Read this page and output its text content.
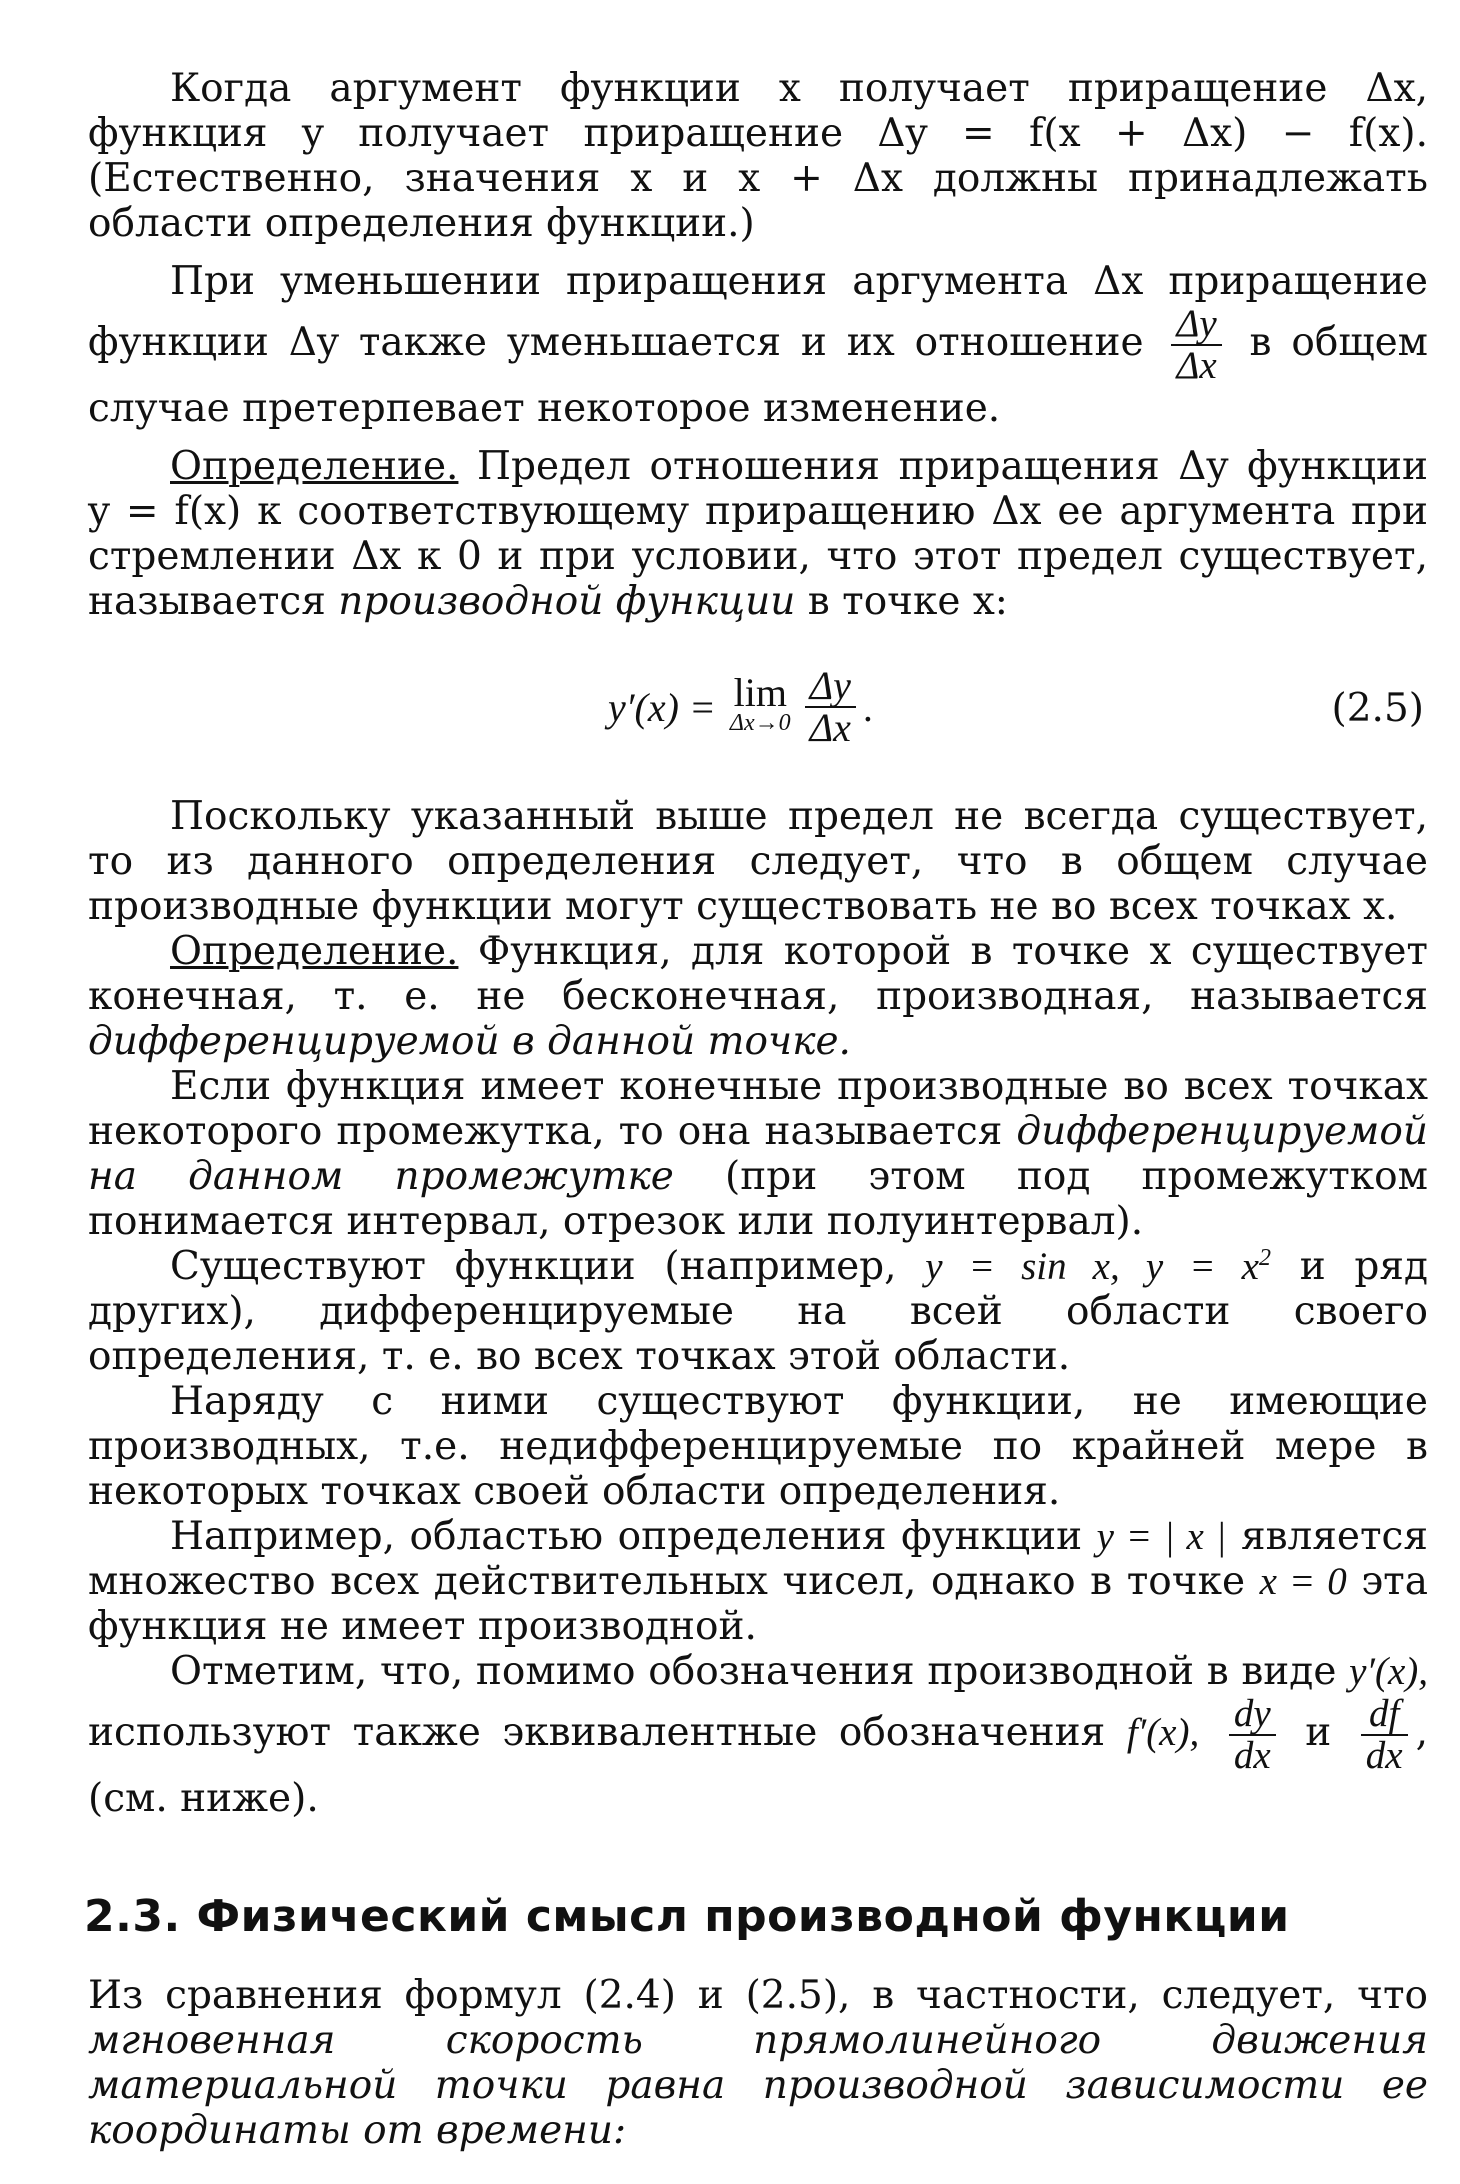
Когда аргумент функции x получает приращение Δx, функция y получает приращение Δy = f(x + Δx) − f(x). (Естественно, значения x и x + Δx должны принадлежать области определения функции.)

При уменьшении приращения аргумента Δx приращение функции Δy также уменьшается и их отношение $\frac{\Delta y}{\Delta x}$ в общем случае претерпевает некоторое изменение.

Определение. Предел отношения приращения Δy функции y = f(x) к соответствующему приращению Δx ее аргумента при стремлении Δx к 0 и при условии, что этот предел существует, называется производной функции в точке x:

y′(x) = lim
$\Delta x\to 0 \frac{\Delta y}{\Delta x}$ .	(2.5)

Поскольку указанный выше предел не всегда существует, то из данного определения следует, что в общем случае производные функции могут существовать не во всех точках x.

Определение. Функция, для которой в точке x существует конечная, т. е. не бесконечная, производная, называется дифференцируемой в данной точке.

Если функция имеет конечные производные во всех точках некоторого промежутка, то она называется дифференцируемой на данном промежутке (при этом под промежутком понимается интервал, отрезок или полуинтервал).

Существуют функции (например, y = sin x, $y = x^2$ и ряд других), дифференцируемые на всей области своего определения, т. е. во всех точках этой области.

Наряду с ними существуют функции, не имеющие производных, т.е. недифференцируемые по крайней мере в некоторых точках своей области определения.

Например, областью определения функции y = | x | является множество всех действительных чисел, однако в точке x = 0 эта функция не имеет производной.

Отметим, что, помимо обозначения производной в виде y′(x), используют также эквивалентные обозначения f′(x), $\frac{dy}{dx}$ и $\frac{df}{dx}$ , (см. ниже).

2.3. Физический смысл производной функции

Из сравнения формул (2.4) и (2.5), в частности, следует, что мгновенная скорость прямолинейного движения материальной точки равна производной зависимости ее координаты от времени:
